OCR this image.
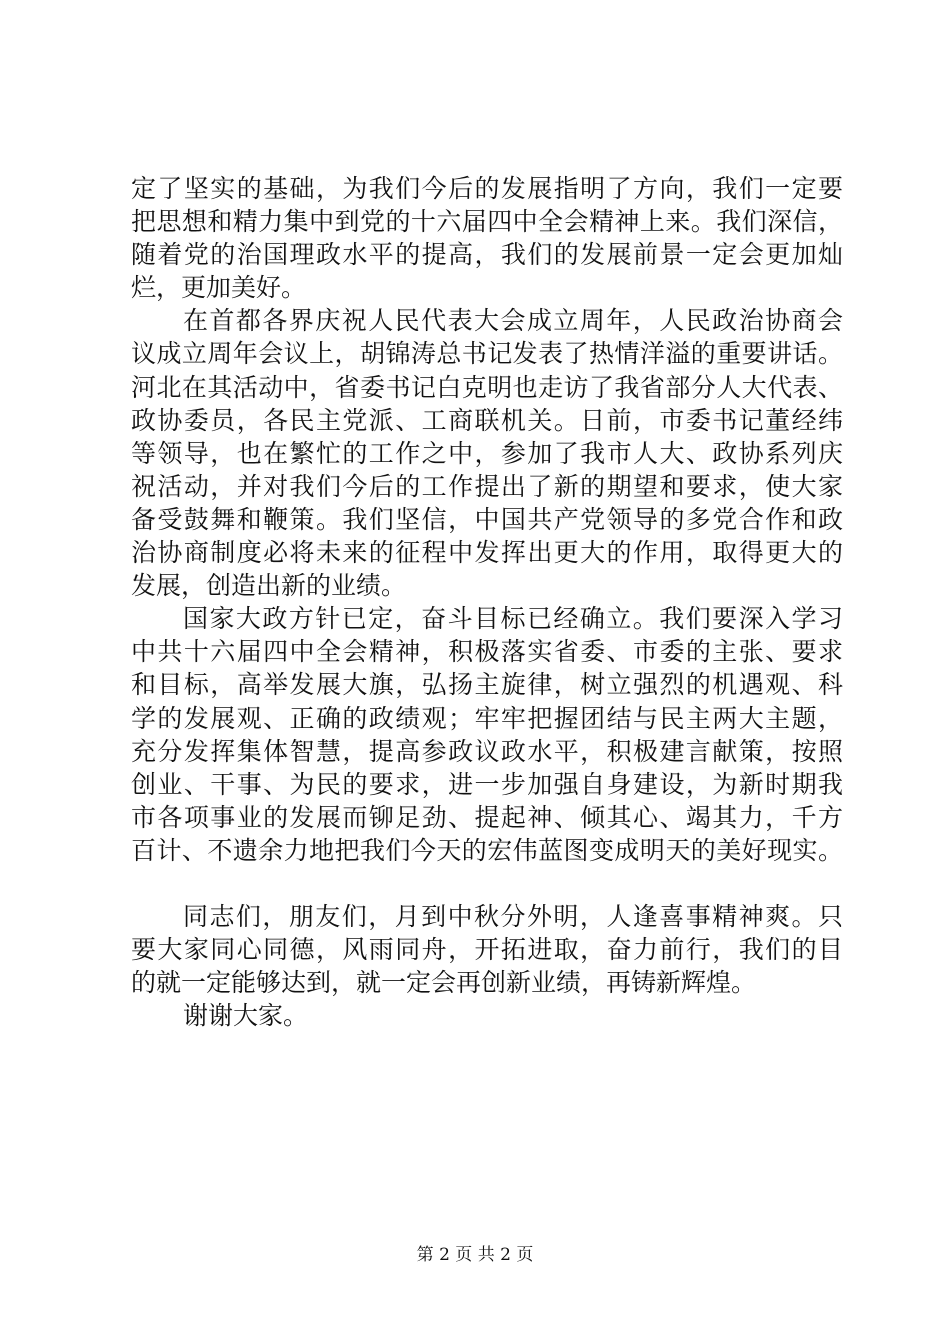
定了坚实的基础，为我们今后的发展指明了方向，我们一定要
把思想和精力集中到党的十六届四中全会精神上来。我们深信，
随着党的治国理政水平的提高，我们的发展前景一定会更加灿
烂，更加美好。
在首都各界庆祝人民代表大会成立周年，人民政治协商会
议成立周年会议上，胡锦涛总书记发表了热情洋溢的重要讲话。
河北在其活动中，省委书记白克明也走访了我省部分人大代表、
政协委员，各民主党派、工商联机关。日前，市委书记董经纬
等领导，也在繁忙的工作之中，参加了我市人大、政协系列庆
祝活动，并对我们今后的工作提出了新的期望和要求，使大家
备受鼓舞和鞭策。我们坚信，中国共产党领导的多党合作和政
治协商制度必将未来的征程中发挥出更大的作用，取得更大的
发展，创造出新的业绩。
国家大政方针已定，奋斗目标已经确立。我们要深入学习
中共十六届四中全会精神，积极落实省委、市委的主张、要求
和目标，高举发展大旗，弘扬主旋律，树立强烈的机遇观、科
学的发展观、正确的政绩观；牢牢把握团结与民主两大主题，
充分发挥集体智慧，提高参政议政水平，积极建言献策，按照
创业、干事、为民的要求，进一步加强自身建设，为新时期我
市各项事业的发展而铆足劲、提起神、倾其心、竭其力，千方
百计、不遗余力地把我们今天的宏伟蓝图变成明天的美好现实。
同志们，朋友们，月到中秋分外明，人逢喜事精神爽。只
要大家同心同德，风雨同舟，开拓进取，奋力前行，我们的目
的就一定能够达到，就一定会再创新业绩，再铸新辉煌。
谢谢大家。
第 2 页 共 2 页
